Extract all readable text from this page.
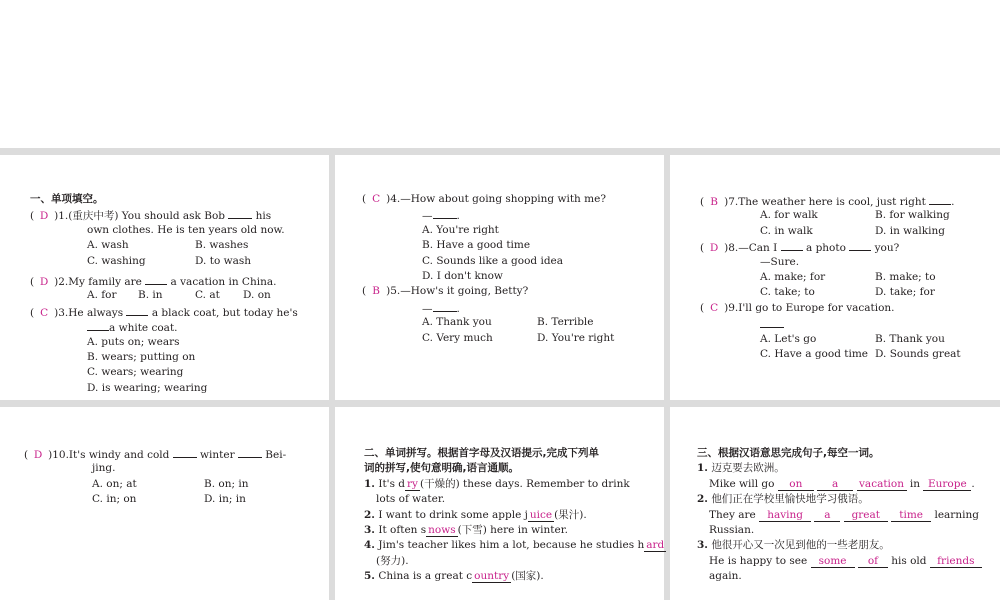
一、单项填空。
( D )1.(重庆中考) You should ask Bob	his
own clothes. He is ten years old now.
A. wash	B. washes
C. washing	D. to wash
( D )2.My family are	a vacation in China.
A. for B. in	C. at D. on
( C )3.He always	a black coat, but today he's
a white coat.
A. puts on; wears
B. wears; putting on
C. wears; wearing
D. is wearing; wearing
( C )4.—How about going shopping with me?
— .
A. You're right
B. Have a good time
C. Sounds like a good idea
D. I don't know
( B )5.—How's it going, Betty?
— .
A. Thank you	B. Terrible
C. Very much	D. You're right
( B )7.The weather here is cool, just right .
A. for walk	B. for walking
C. in walk	D. in walking
( D )8.—Can I	a photo	you?
—Sure.
A. make; for	B. make; to
C. take; to	D. take; for
( C )9.I'll go to Europe for vacation.
A. Let's go	B. Thank you
C. Have a good time D. Sounds great
( D )10.It's windy and cold	winter	Bei-
jing.
A. on; at	B. on; in
C. in; on	D. in; in
二、单词拼写。根据首字母及汉语提示,完成下列单
词的拼写,使句意明确,语言通顺。
1. It's d ry (干燥的) these days. Remember to drink
lots of water.
2. I want to drink some apple j uice (果汁).
3. It often s nows (下雪) here in winter.
4. Jim's teacher likes him a lot, because he studies h ard
(努力).
5. China is a great c ountry (国家).
三、根据汉语意思完成句子,每空一词。
1. 迈克要去欧洲。
Mike will go on	a vacation in Europe .
2. 他们正在学校里愉快地学习俄语。
They are having a great time learning
Russian.
3. 他很开心又一次见到他的一些老朋友。
He is happy to see some of his old friends
again.
